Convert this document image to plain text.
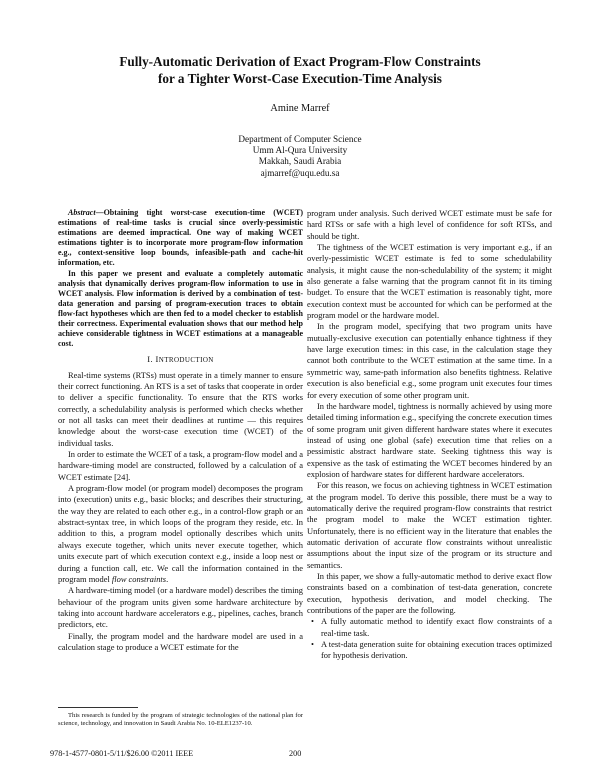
Fully-Automatic Derivation of Exact Program-Flow Constraints
for a Tighter Worst-Case Execution-Time Analysis
Amine Marref
Department of Computer Science
Umm Al-Qura University
Makkah, Saudi Arabia
ajmarref@uqu.edu.sa

Abstract—Obtaining tight worst-case execution-time (WCET) estimations of real-time tasks is crucial since overly-pessimistic estimations are deemed impractical. One way of making WCET estimations tighter is to incorporate more program-flow information e.g., context-sensitive loop bounds, infeasible-path and cache-hit information, etc.

In this paper we present and evaluate a completely automatic analysis that dynamically derives program-flow information to use in WCET analysis. Flow information is derived by a combination of test-data generation and parsing of program-execution traces to obtain flow-fact hypotheses which are then fed to a model checker to establish their correctness. Experimental evaluation shows that our method help achieve considerable tightness in WCET estimations at a manageable cost.

I. INTRODUCTION

Real-time systems (RTSs) must operate in a timely manner to ensure their correct functioning. An RTS is a set of tasks that cooperate in order to deliver a specific functionality. To ensure that the RTS works correctly, a schedulability analysis is performed which checks whether or not all tasks can meet their deadlines at runtime — this requires knowledge about the worst-case execution time (WCET) of the individual tasks.

In order to estimate the WCET of a task, a program-flow model and a hardware-timing model are constructed, followed by a calculation of a WCET estimate [24].

A program-flow model (or program model) decomposes the program into (execution) units e.g., basic blocks; and describes their structuring, the way they are related to each other e.g., in a control-flow graph or an abstract-syntax tree, in which loops of the program they reside, etc. In addition to this, a program model optionally describes which units always execute together, which units never execute together, which units execute part of which execution context e.g., inside a loop nest or during a function call, etc. We call the information contained in the program model flow constraints.

A hardware-timing model (or a hardware model) describes the timing behaviour of the program units given some hardware architecture by taking into account hardware accelerators e.g., pipelines, caches, branch predictors, etc.

Finally, the program model and the hardware model are used in a calculation stage to produce a WCET estimate for the

This research is funded by the program of strategic technologies of the national plan for science, technology, and innovation in Saudi Arabia No. 10-ELE1237-10.

program under analysis. Such derived WCET estimate must be safe for hard RTSs or safe with a high level of confidence for soft RTSs, and should be tight.

The tightness of the WCET estimation is very important e.g., if an overly-pessimistic WCET estimate is fed to some schedulability analysis, it might cause the non-schedulability of the system; it might also generate a false warning that the program cannot fit in its timing budget. To ensure that the WCET estimation is reasonably tight, more execution context must be accounted for which can be performed at the program model or the hardware model.

In the program model, specifying that two program units have mutually-exclusive execution can potentially enhance tightness if they have large execution times: in this case, in the calculation stage they cannot both contribute to the WCET estimation at the same time. In a symmetric way, same-path information also benefits tightness. Relative execution is also beneficial e.g., some program unit executes four times for every execution of some other program unit.

In the hardware model, tightness is normally achieved by using more detailed timing information e.g., specifying the concrete execution times of some program unit given different hardware states where it executes instead of using one global (safe) execution time that relies on a pessimistic abstract hardware state. Seeking tightness this way is expensive as the task of estimating the WCET becomes hindered by an explosion of hardware states for different hardware accelerators.

For this reason, we focus on achieving tightness in WCET estimation at the program model. To derive this possible, there must be a way to automatically derive the required program-flow constraints that restrict the program model to make the WCET estimation tighter. Unfortunately, there is no efficient way in the literature that enables the automatic derivation of accurate flow constraints without unrealistic assumptions about the input size of the program or its structure and semantics.

In this paper, we show a fully-automatic method to derive exact flow constraints based on a combination of test-data generation, concrete execution, hypothesis derivation, and model checking. The contributions of the paper are the following.

• A fully automatic method to identify exact flow constraints of a real-time task.
• A test-data generation suite for obtaining execution traces optimized for hypothesis derivation.
978-1-4577-0801-5/11/$26.00 ©2011 IEEE	200
